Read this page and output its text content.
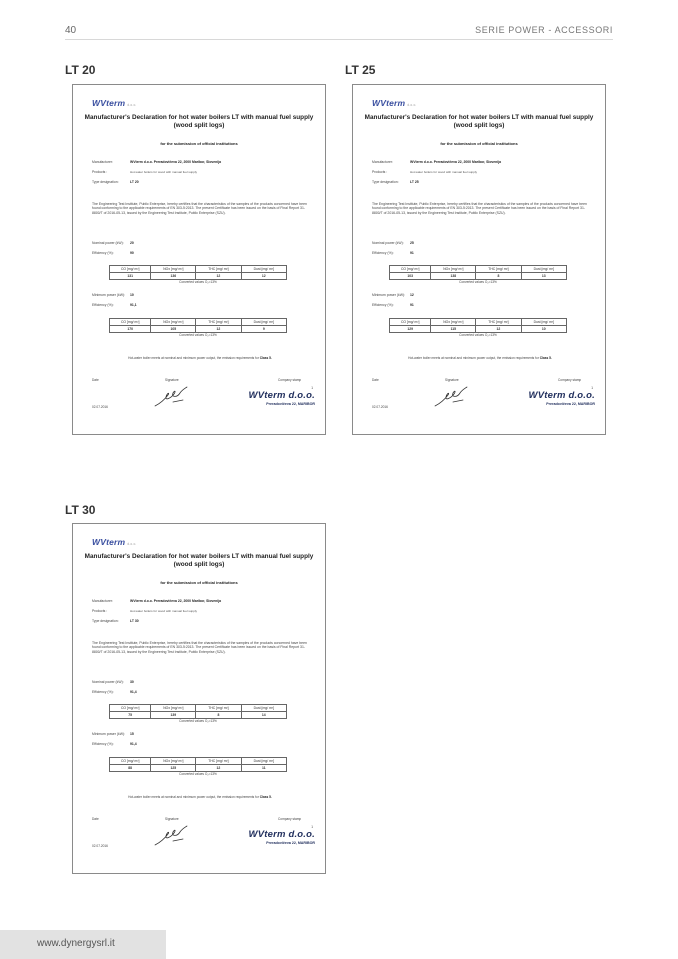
40	SERIE POWER - ACCESSORI
LT 20	LT 25
LT 30
WVterm d.o.o.
Manufacturer's Declaration for hot water boilers LT with manual fuel supply (wood split logs)
for the submission of official institutions
Manufacturer:	WVterm d.o.o. Preradovičeva 22, 2000 Maribor, Slovenija
Products :	Hot-water boilers for wood with manual fuel supply
Type designation:	LT 20
The Engineering Test Institute, Public Enterprise, hereby certifies that the characteristics of the samples of the products concerned have been found conforming to the applicable requirements of EN 303-5:2013. The present Certificate has been issued on the basis of Final Report 31-8800/T of 2016-05-13, issued by the Engineering Test Institute, Public Enterprise (SZU).
Nominal power (kW): 20
Efficiency (%):	90
CO [mg/ m³]	NOx [mg/ m³]	THC [mg/ m³]	Dust [mg/ m³]
131	136	12	12
Converted values O₂=13%
Minimum power (kW): 10
Efficiency (%):	91,1
CO [mg/ m³]	NOx [mg/ m³]	THC [mg/ m³]	Dust [mg/ m³]
170	105	12	9
Converted values O₂=13%
Hot-water boiler meets at nominal and minimum power output, the emission requirements for Class 5.
Date	Signature	Company stamp
1
WVterm d.o.o.
Preradovičeva 22, MARIBOR
02.07.2016
WVterm d.o.o.
Manufacturer's Declaration for hot water boilers LT with manual fuel supply (wood split logs)
for the submission of official institutions
Manufacturer:	WVterm d.o.o. Preradovičeva 22, 2000 Maribor, Slovenija
Products :	Hot-water boilers for wood with manual fuel supply
Type designation:	LT 25
The Engineering Test Institute, Public Enterprise, hereby certifies that the characteristics of the samples of the products concerned have been found conforming to the applicable requirements of EN 303-5:2013. The present Certificate has been issued on the basis of Final Report 31-8800/T of 2016-05-13, issued by the Engineering Test Institute, Public Enterprise (SZU).
Nominal power (kW): 25
Efficiency (%):	91
CO [mg/ m³]	NOx [mg/ m³]	THC [mg/ m³]	Dust [mg/ m³]
103	138	8	13
Converted values O₂=13%
Minimum power (kW): 12
Efficiency (%):	91
CO [mg/ m³]	NOx [mg/ m³]	THC [mg/ m³]	Dust [mg/ m³]
129	115	12	10
Converted values O₂=13%
Hot-water boiler meets at nominal and minimum power output, the emission requirements for Class 5.
Date	Signature	Company stamp
1
WVterm d.o.o.
Preradovičeva 22, MARIBOR
02.07.2016
WVterm d.o.o.
Manufacturer's Declaration for hot water boilers LT with manual fuel supply (wood split logs)
for the submission of official institutions
Manufacturer:	WVterm d.o.o. Preradovičeva 22, 2000 Maribor, Slovenija
Products :	Hot-water boilers for wood with manual fuel supply
Type designation:	LT 30
The Engineering Test Institute, Public Enterprise, hereby certifies that the characteristics of the samples of the products concerned have been found conforming to the applicable requirements of EN 303-5:2013. The present Certificate has been issued on the basis of Final Report 31-8800/T of 2016-05-13, issued by the Engineering Test Institute, Public Enterprise (SZU).
Nominal power (kW): 30
Efficiency (%):	91,4
CO [mg/ m³]	NOx [mg/ m³]	THC [mg/ m³]	Dust [mg/ m³]
75	139	8	14
Converted values O₂=13%
Minimum power (kW): 15
Efficiency (%):	91,4
CO [mg/ m³]	NOx [mg/ m³]	THC [mg/ m³]	Dust [mg/ m³]
88	125	12	11
Converted values O₂=13%
Hot-water boiler meets at nominal and minimum power output, the emission requirements for Class 5.
Date	Signature	Company stamp
1
WVterm d.o.o.
Preradovičeva 22, MARIBOR
02.07.2016
www.dynergysrl.it
